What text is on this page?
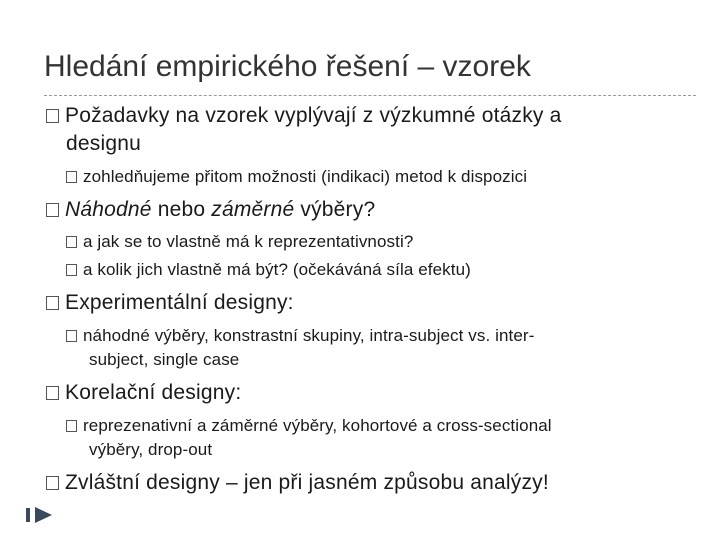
Hledání empirického řešení – vzorek
Požadavky na vzorek vyplývají z výzkumné otázky a
designu
zohledňujeme přitom možnosti (indikaci) metod k dispozici
Náhodné nebo záměrné výběry?
a jak se to vlastně má k reprezentativnosti?
a kolik jich vlastně má být? (očekáváná síla efektu)
Experimentální designy:
náhodné výběry, konstrastní skupiny, intra-subject vs. inter-
subject, single case
Korelační designy:
reprezenativní a záměrné výběry, kohortové a cross-sectional
výběry, drop-out
Zvláštní designy – jen při jasném způsobu analýzy!
